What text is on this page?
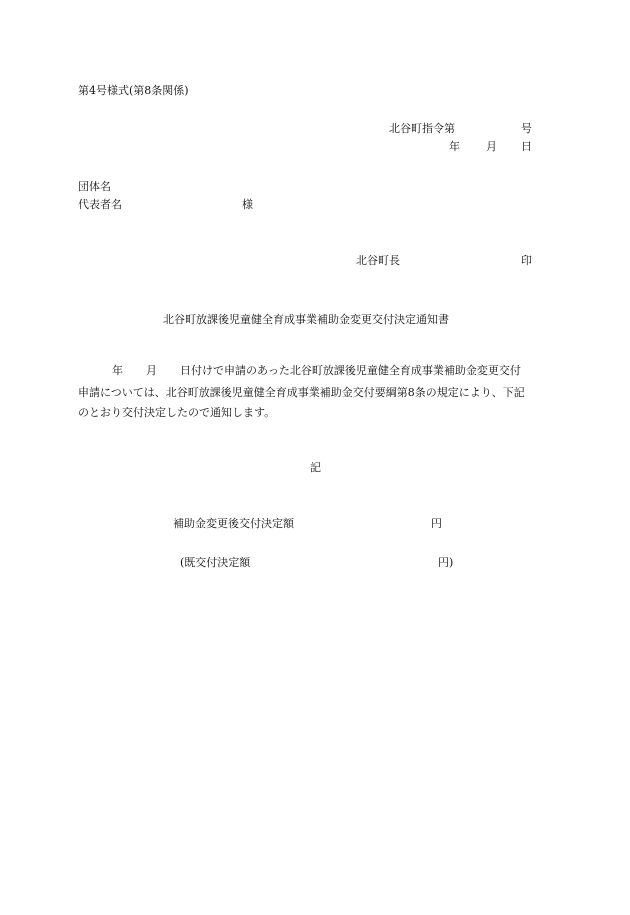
第4号様式(第8条関係)
北谷町指令第	号
年 月 日
団体名
代表者名	様
北谷町長	印
北谷町放課後児童健全育成事業補助金変更交付決定通知書
年 月 日付けで申請のあった北谷町放課後児童健全育成事業補助金変更交付
申請については、北谷町放課後児童健全育成事業補助金交付要綱第8条の規定により、下記
のとおり交付決定したので通知します。
記
補助金変更後交付決定額	円
(既交付決定額	円)
